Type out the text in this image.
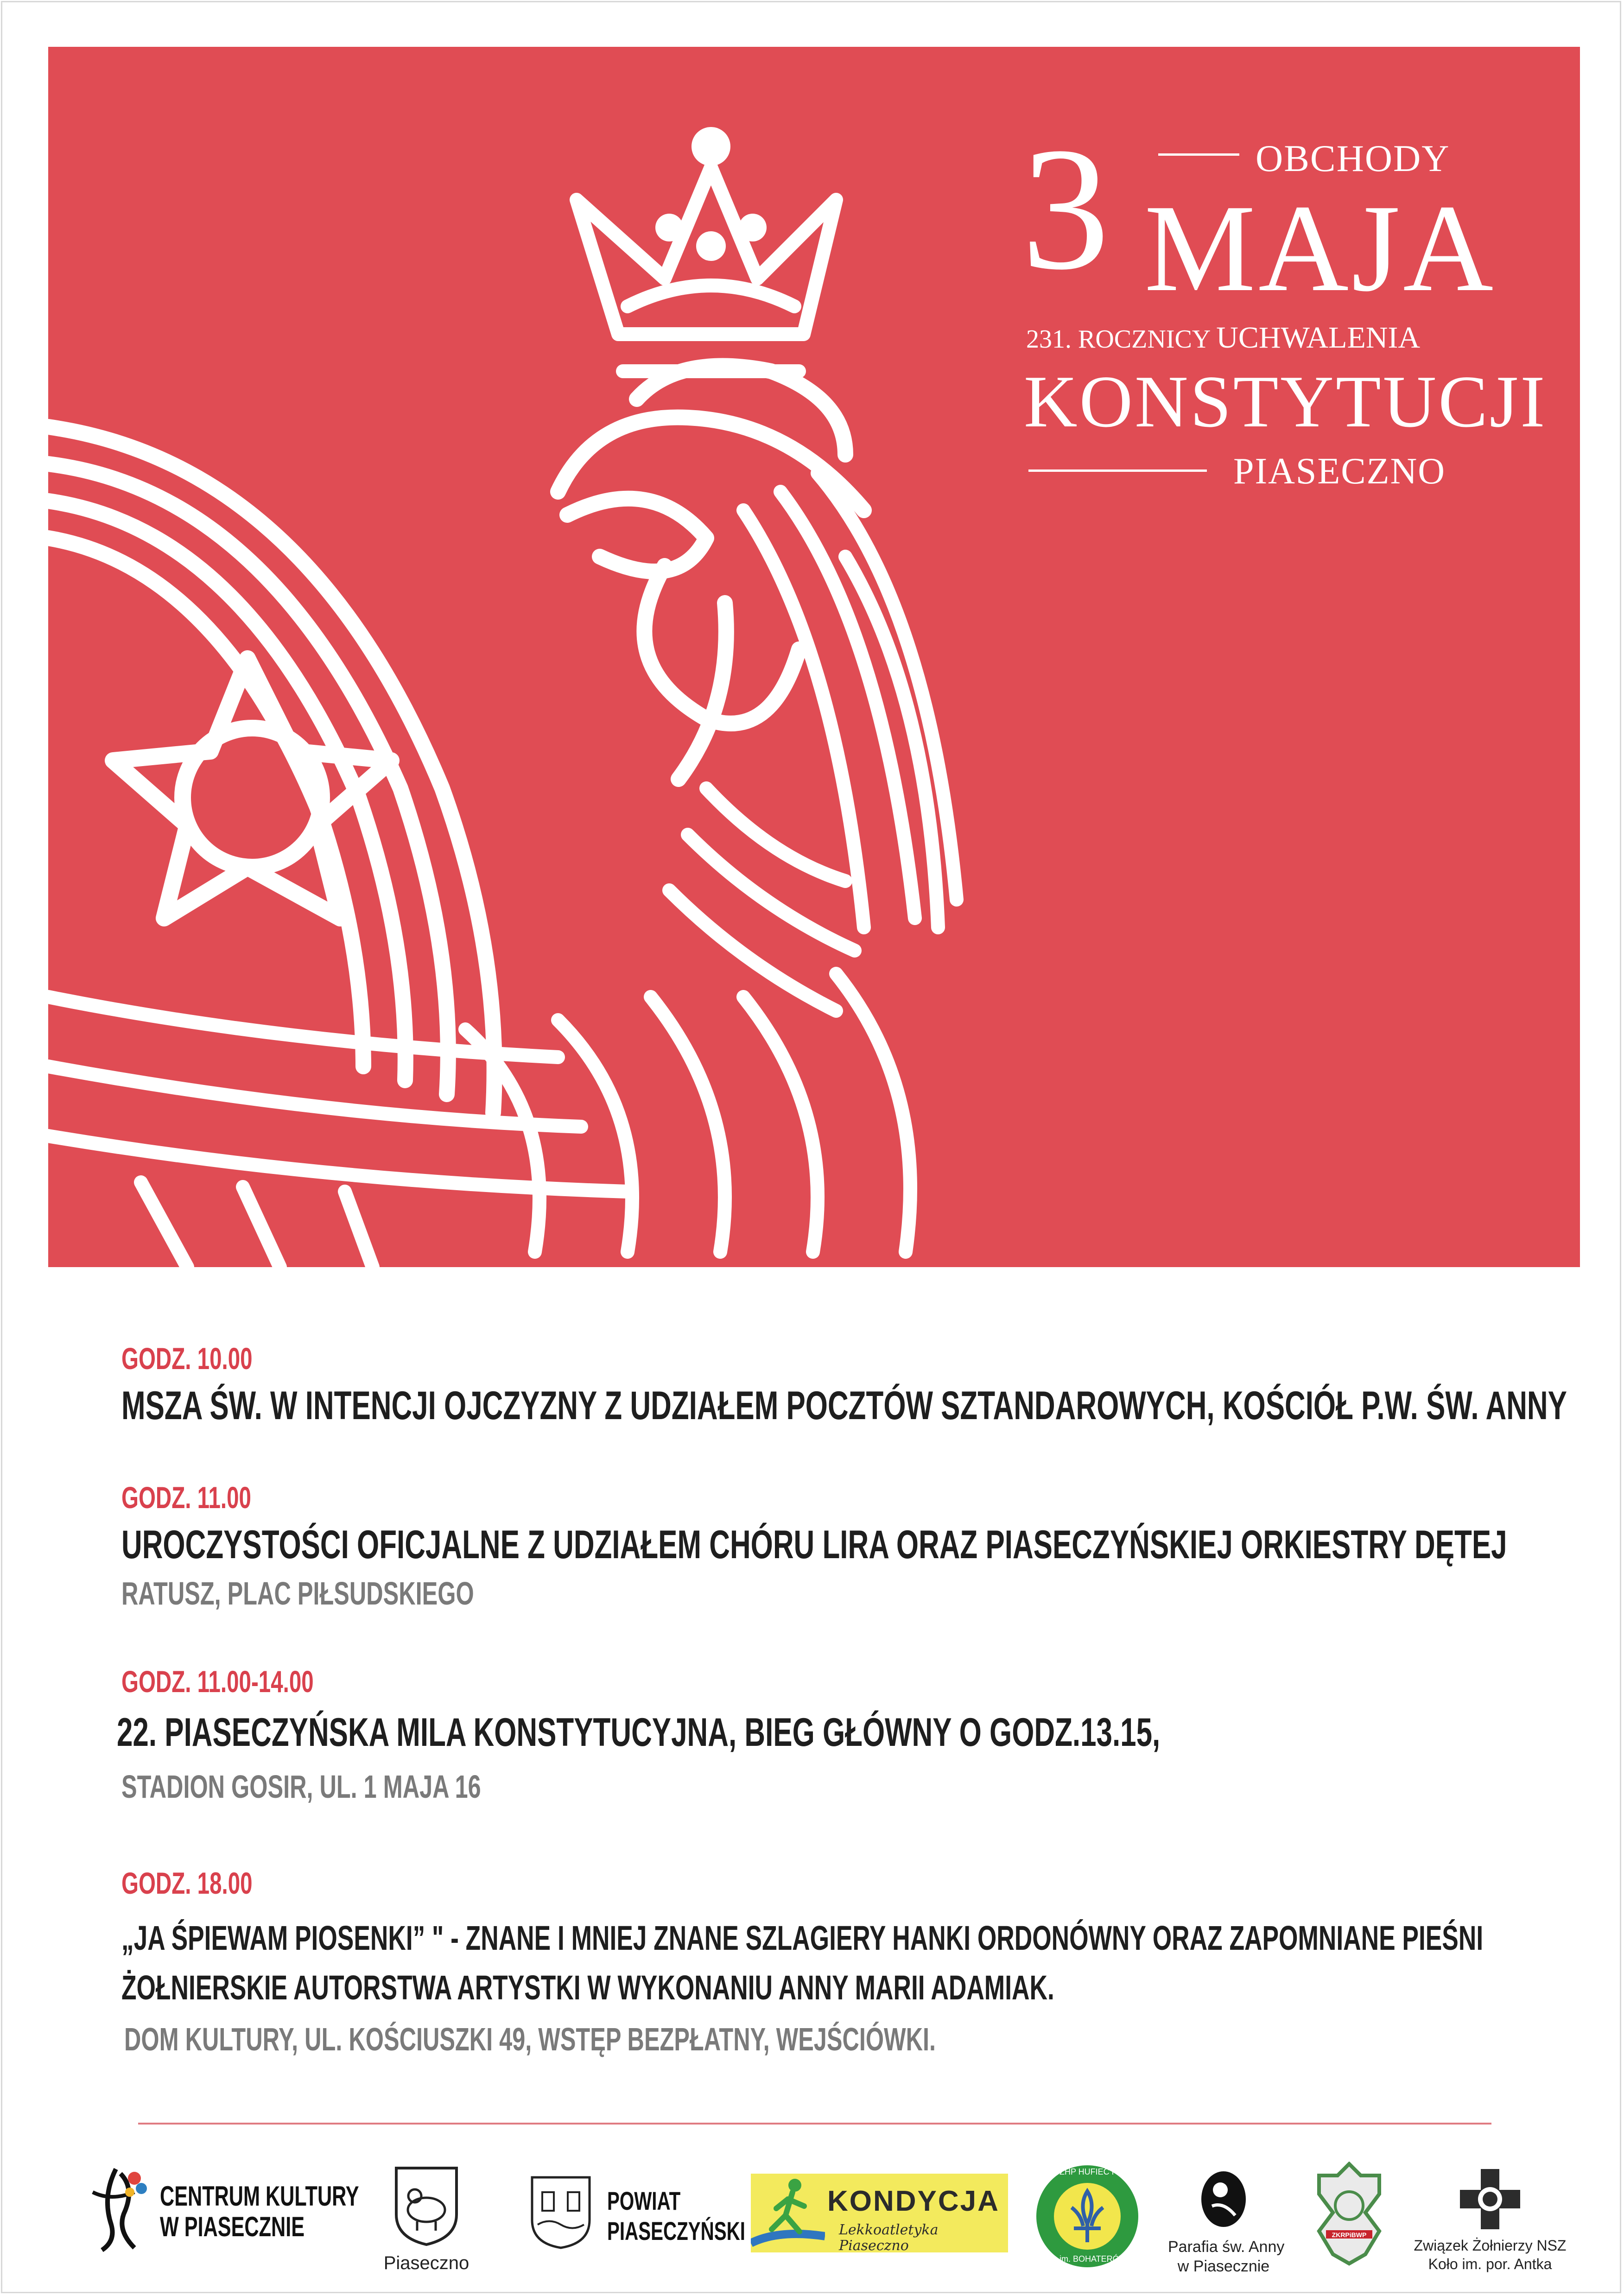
3	OBCHODY
MAJA
231. ROCZNICY UCHWALENIA
KONSTYTUCJI
PIASECZNO
GODZ. 10.00
MSZA ŚW. W INTENCJI OJCZYZNY Z UDZIAŁEM POCZTÓW SZTANDAROWYCH, KOŚCIÓŁ P.W. ŚW. ANNY
GODZ. 11.00
UROCZYSTOŚCI OFICJALNE Z UDZIAŁEM CHÓRU LIRA ORAZ PIASECZYŃSKIEJ ORKIESTRY DĘTEJ
RATUSZ, PLAC PIŁSUDSKIEGO
GODZ. 11.00-14.00
22. PIASECZYŃSKA MILA KONSTYTUCYJNA, BIEG GŁÓWNY O GODZ.13.15,
STADION GOSIR, UL. 1 MAJA 16
GODZ. 18.00
„JA ŚPIEWAM PIOSENKI” " - ZNANE I MNIEJ ZNANE SZLAGIERY HANKI ORDONÓWNY ORAZ ZAPOMNIANE PIEŚNI
ŻOŁNIERSKIE AUTORSTWA ARTYSTKI W WYKONANIU ANNY MARII ADAMIAK.
DOM KULTURY, UL. KOŚCIUSZKI 49, WSTĘP BEZPŁATNY, WEJŚCIÓWKI.
CENTRUM KULTURY
W PIASECZNIE
Piaseczno
POWIAT
PIASECZYŃSKI
KONDYCJA
Lekkoatletyka Piaseczno
ZHP HUFIEC PIASECZNO
im. BOHATERÓW POKOJU
Parafia św. Anny
w Piasecznie
ZKRPiBWP
Związek Żołnierzy NSZ
Koło im. por. Antka
